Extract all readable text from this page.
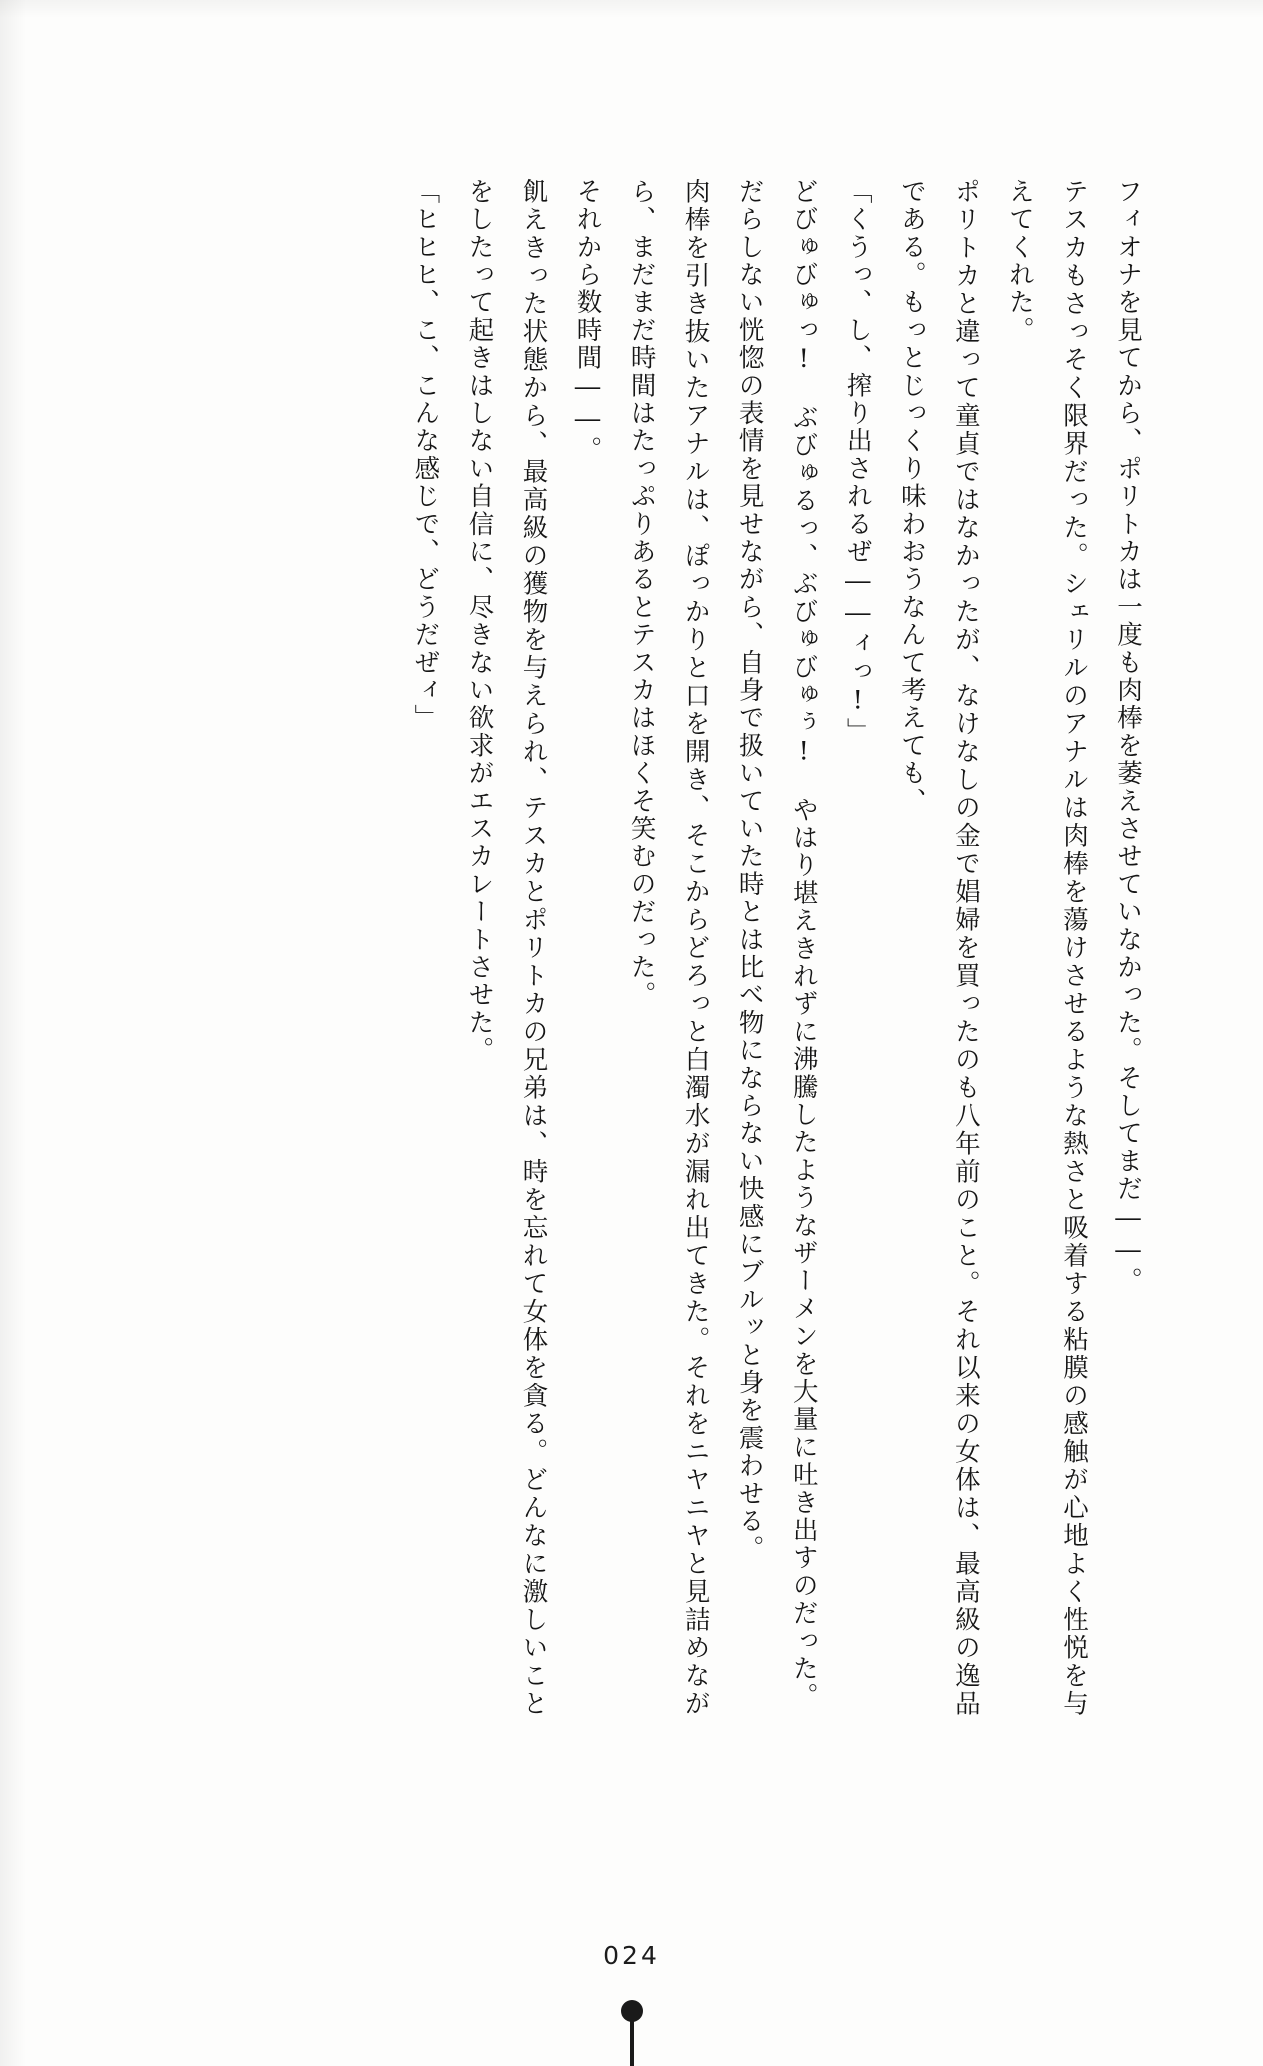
フィオナを見てから、ポリトカは一度も肉棒を萎えさせていなかった。そしてまだ――。

テスカもさっそく限界だった。シェリルのアナルは肉棒を蕩けさせるような熱さと吸着する粘膜の感触が心地よく性悦を与えてくれた。

ポリトカと違って童貞ではなかったが、なけなしの金で娼婦を買ったのも八年前のこと。それ以来の女体は、最高級の逸品である。もっとじっくり味わおうなんて考えても、

「くうっ、し、搾り出されるぜ――ィっ!」

どびゅびゅっ!　ぶびゅるっ、ぶびゅびゅぅ!　やはり堪えきれずに沸騰したようなザーメンを大量に吐き出すのだった。

だらしない恍惚の表情を見せながら、自身で扱いていた時とは比べ物にならない快感にブルッと身を震わせる。

肉棒を引き抜いたアナルは、ぽっかりと口を開き、そこからどろっと白濁水が漏れ出てきた。それをニヤニヤと見詰めながら、まだまだ時間はたっぷりあるとテスカはほくそ笑むのだった。

それから数時間――。

飢えきった状態から、最高級の獲物を与えられ、テスカとポリトカの兄弟は、時を忘れて女体を貪る。どんなに激しいことをしたって起きはしない自信に、尽きない欲求がエスカレートさせた。

「ヒヒヒ、こ、こんな感じで、どうだぜィ」

024
